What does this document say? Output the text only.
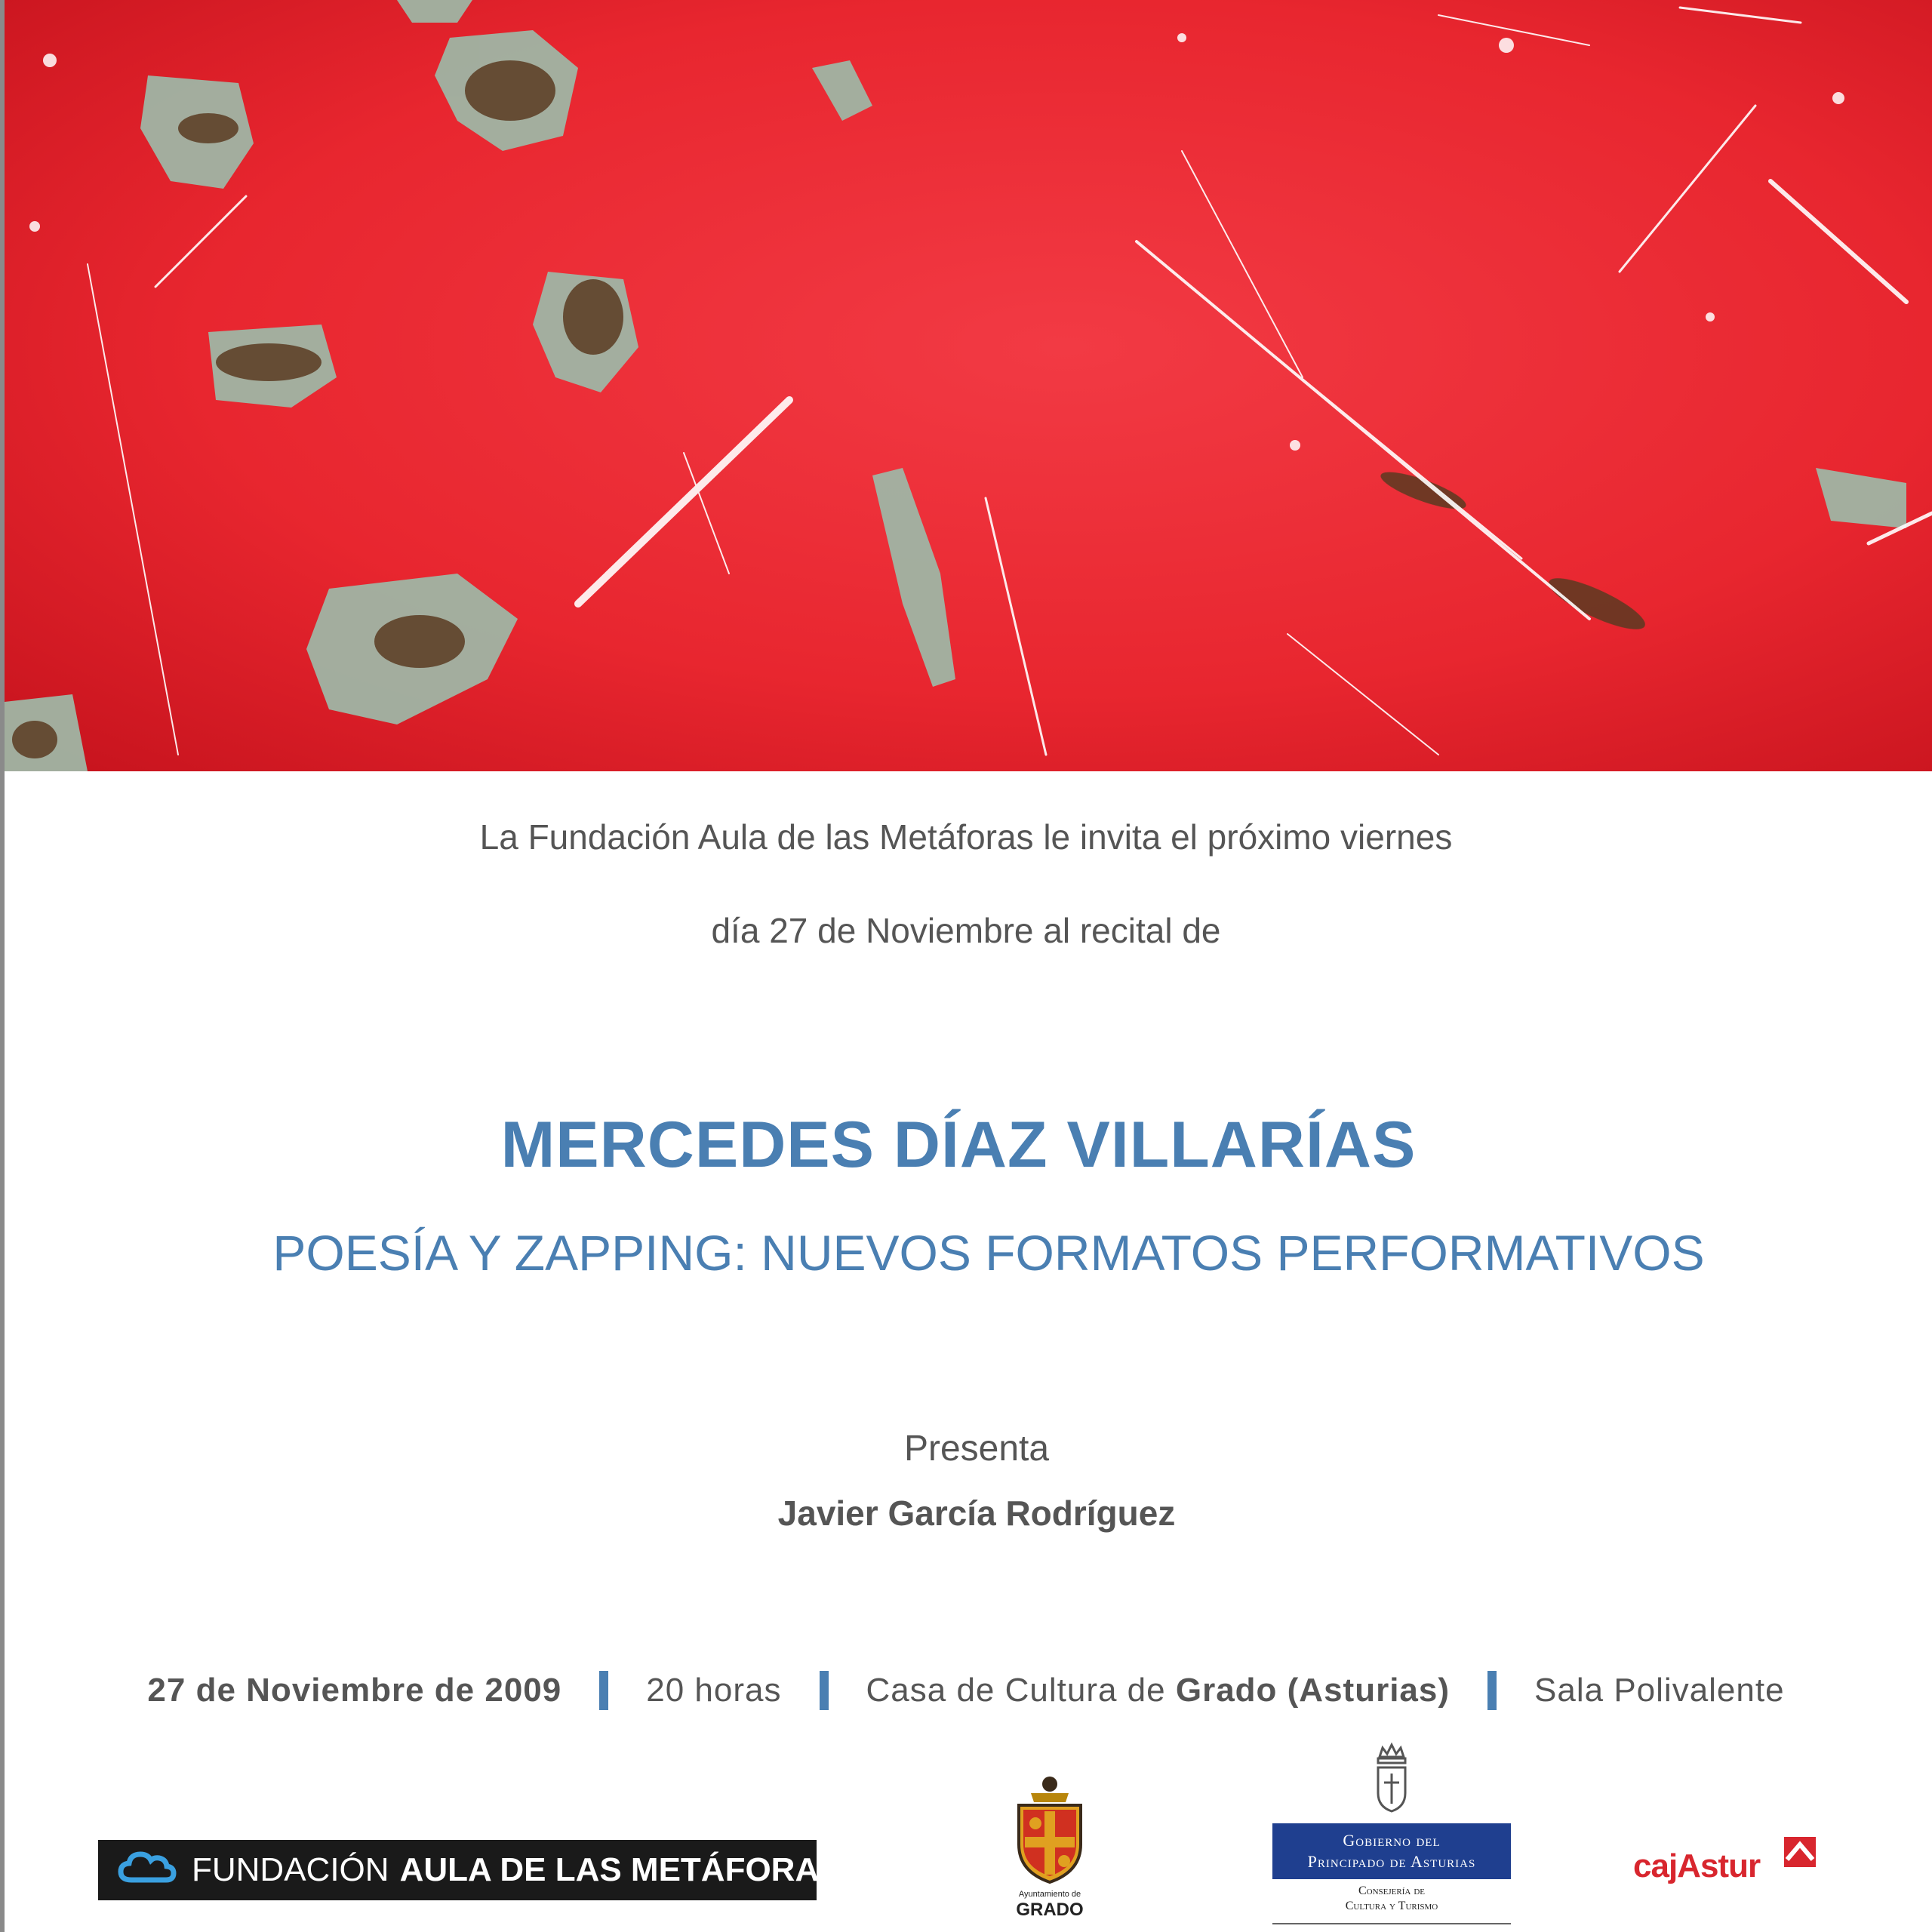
La Fundación Aula de las Metáforas le invita el próximo viernes
día 27 de Noviembre al recital de
MERCEDES DÍAZ VILLARÍAS
POESÍA Y ZAPPING: NUEVOS FORMATOS PERFORMATIVOS
Presenta
Javier García Rodríguez
27 de Noviembre de 2009	20 horas	Casa de Cultura de Grado (Asturias)	Sala Polivalente
FUNDACIÓN AULA DE LAS METÁFORAS
Ayuntamiento de
GRADO
Gobierno del
Principado de Asturias
Consejería de
Cultura y Turismo
cajAstur
